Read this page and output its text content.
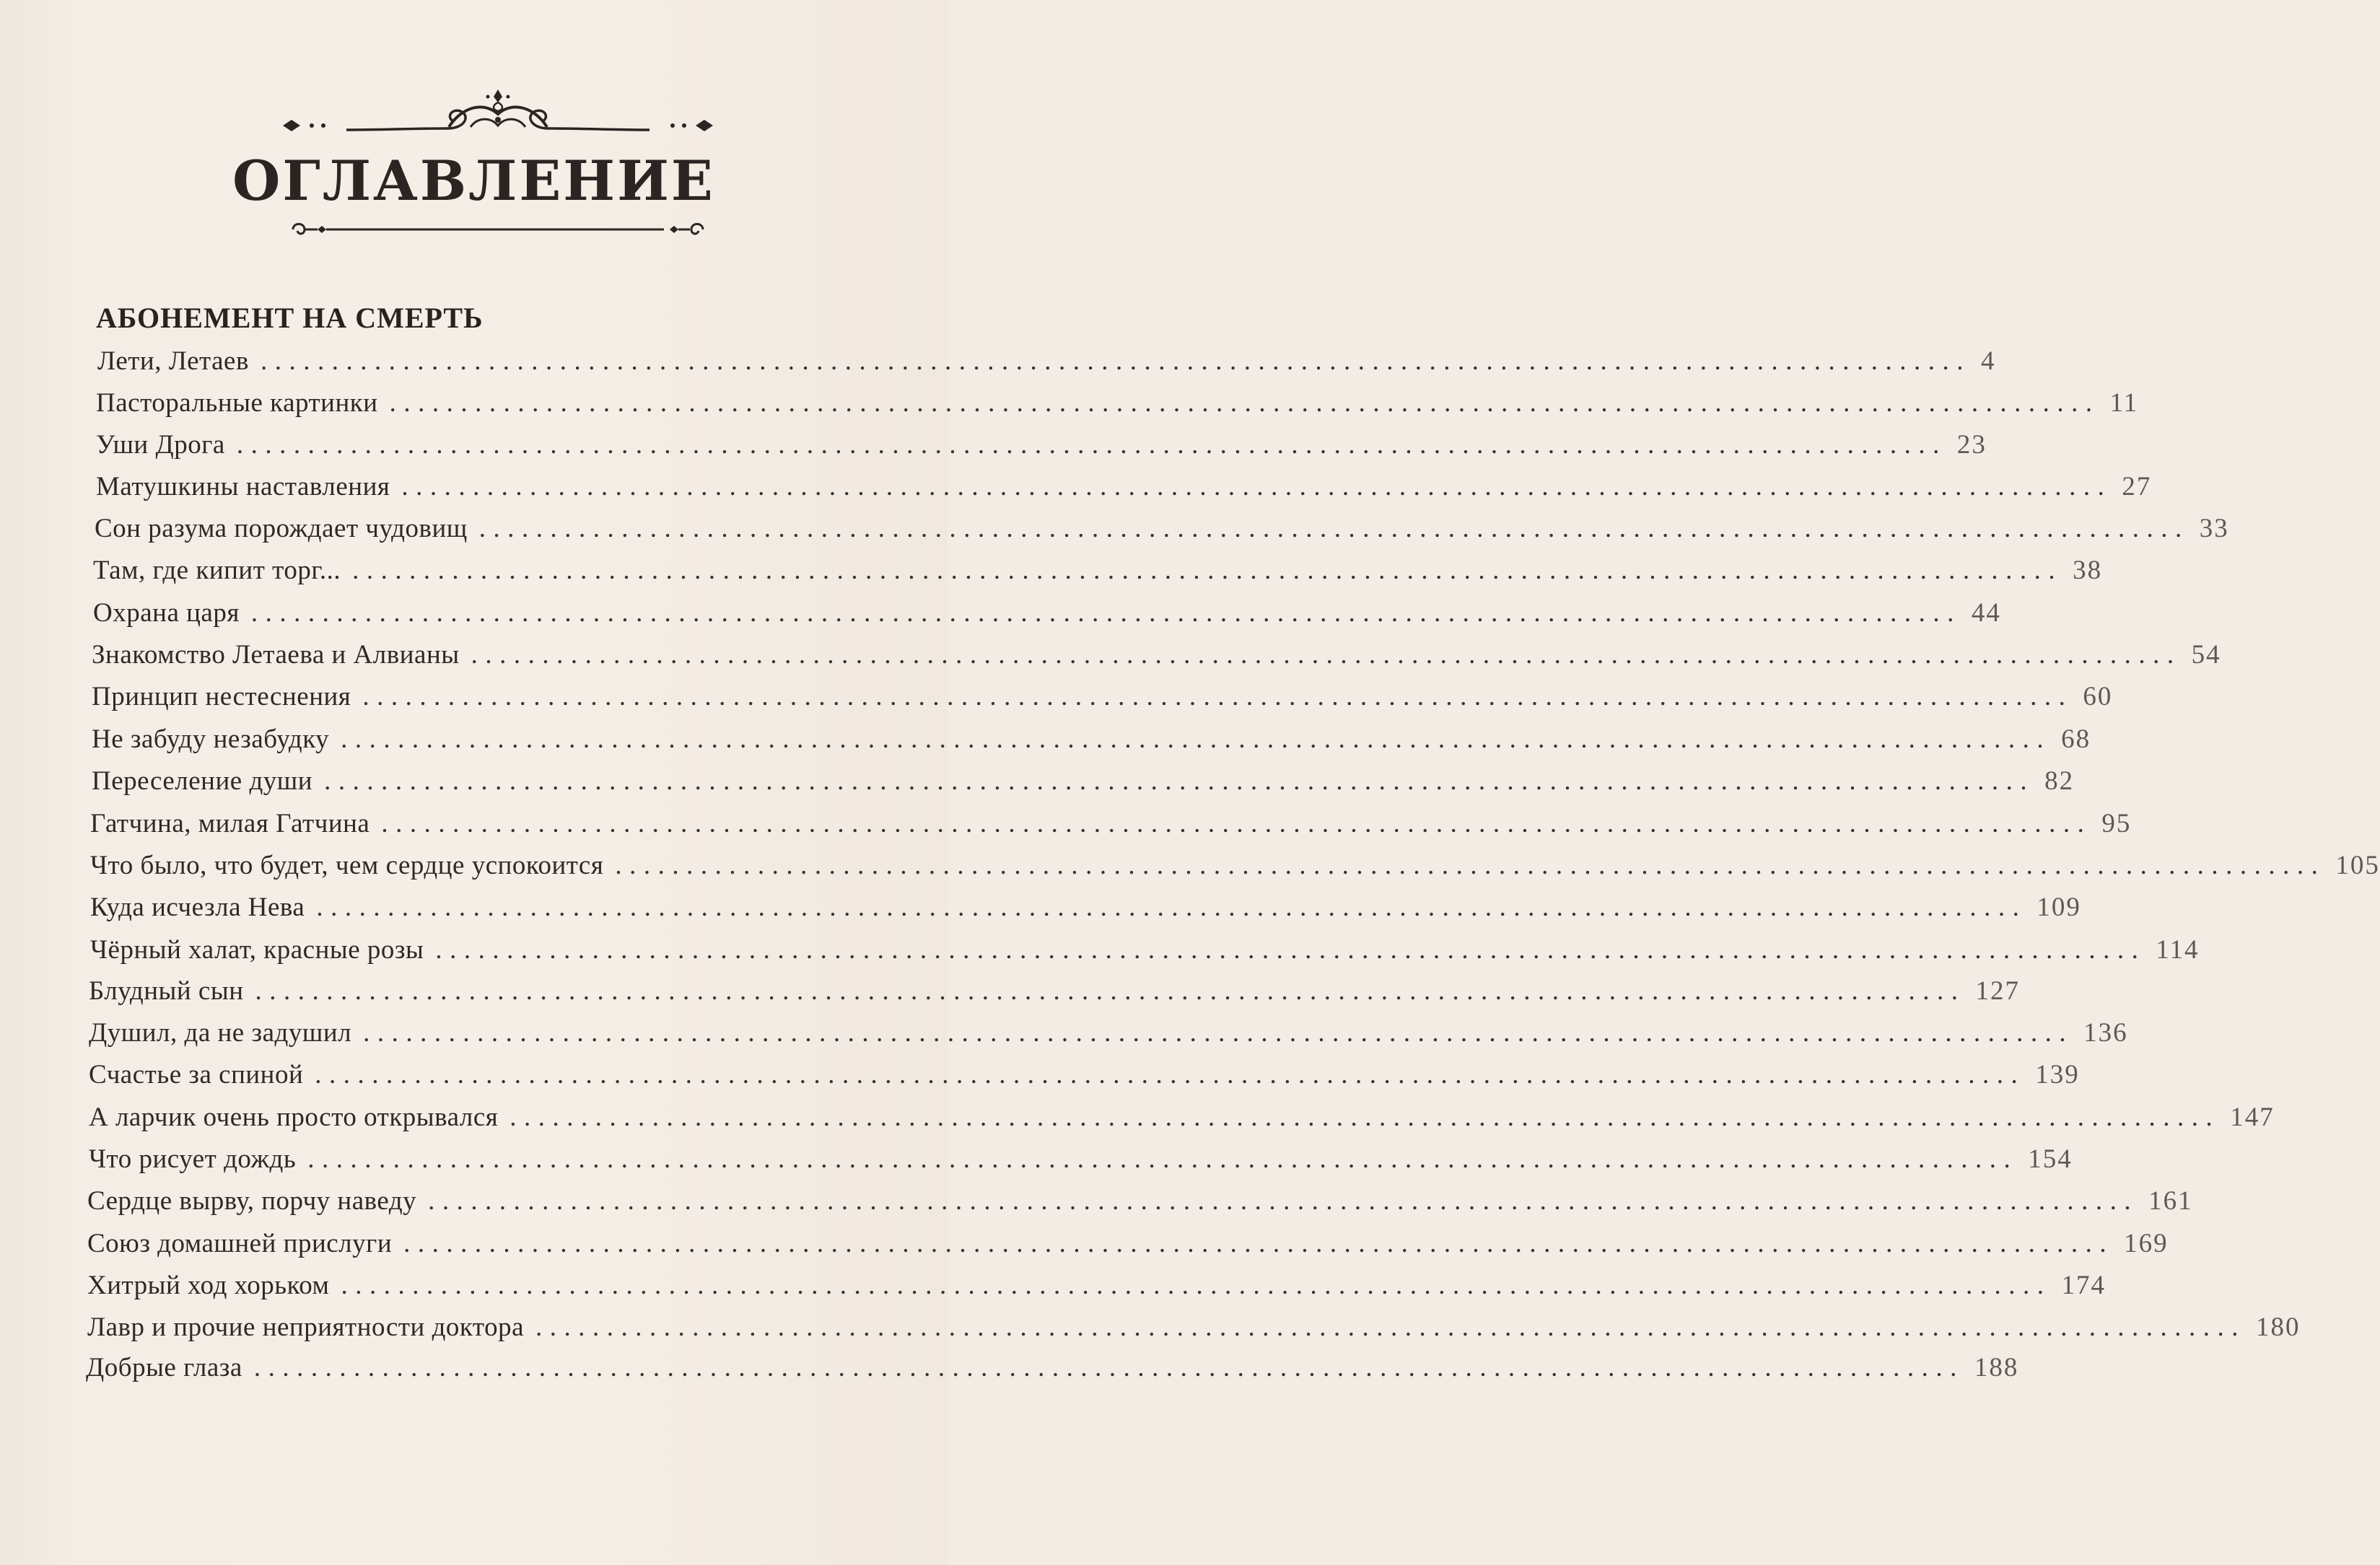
ОГЛАВЛЕНИЕ
АБОНЕМЕНТ НА СМЕРТЬ
Лети, Летаев ........................................................................................................................ 4
Пасторальные картинки ........................................................................................................................ 11
Уши Дрога ........................................................................................................................ 23
Матушкины наставления ........................................................................................................................ 27
Сон разума порождает чудовищ ........................................................................................................................ 33
Там, где кипит торг... ........................................................................................................................ 38
Охрана царя ........................................................................................................................ 44
Знакомство Летаева и Алвианы ........................................................................................................................ 54
Принцип нестеснения ........................................................................................................................ 60
Не забуду незабудку ........................................................................................................................ 68
Переселение души ........................................................................................................................ 82
Гатчина, милая Гатчина ........................................................................................................................ 95
Что было, что будет, чем сердце успокоится ........................................................................................................................ 105
Куда исчезла Нева ........................................................................................................................ 109
Чёрный халат, красные розы ........................................................................................................................ 114
Блудный сын ........................................................................................................................ 127
Душил, да не задушил ........................................................................................................................ 136
Счастье за спиной ........................................................................................................................ 139
А ларчик очень просто открывался ........................................................................................................................ 147
Что рисует дождь ........................................................................................................................ 154
Сердце вырву, порчу наведу ........................................................................................................................ 161
Союз домашней прислуги ........................................................................................................................ 169
Хитрый ход хорьком ........................................................................................................................ 174
Лавр и прочие неприятности доктора ........................................................................................................................ 180
Добрые глаза ........................................................................................................................ 188
